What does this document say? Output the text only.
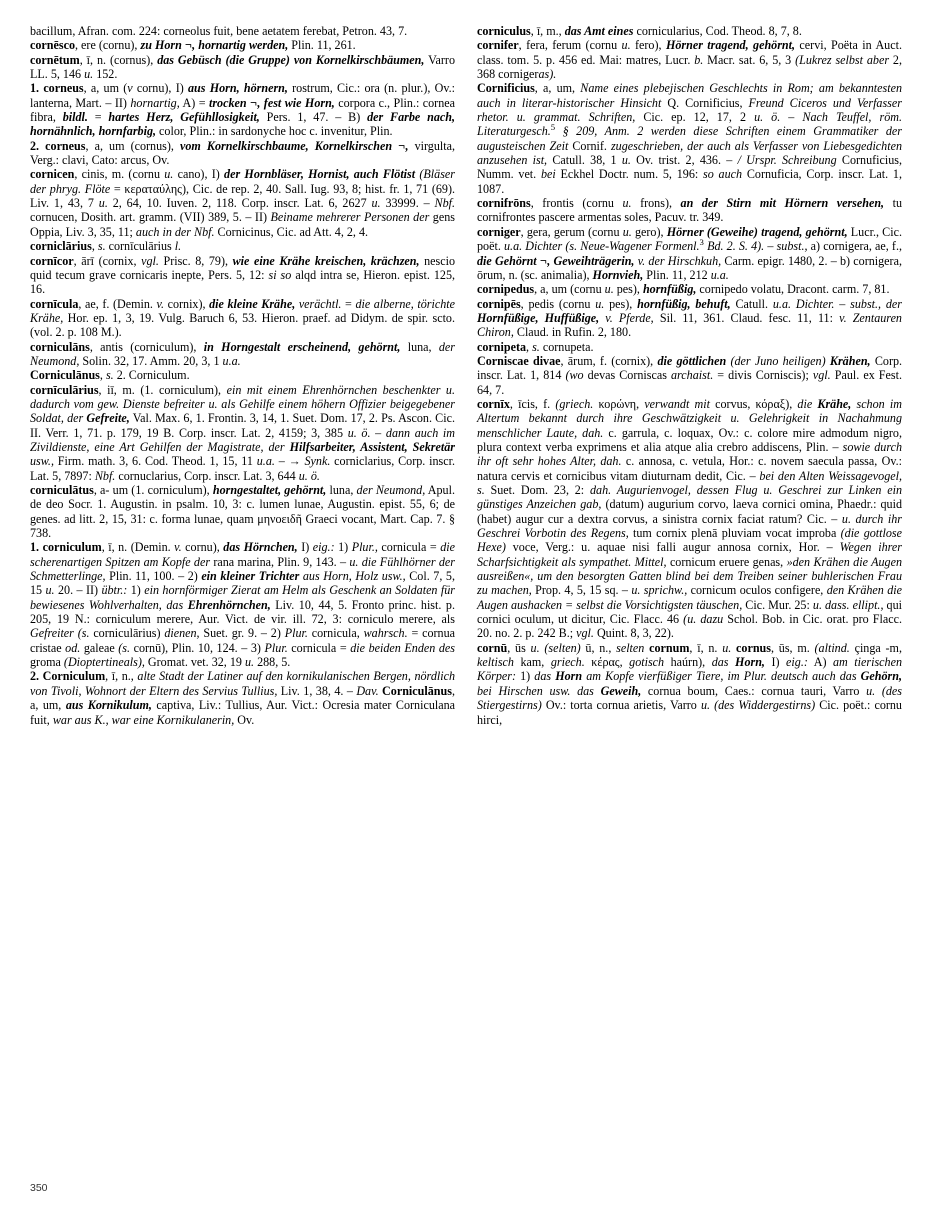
bacillum, Afran. com. 224: corneolus fuit, bene aetatem ferebat, Petron. 43, 7.

cornēsco, ere (cornu), zu Horn ¬, hornartig werden, Plin. 11, 261.

cornētum, ī, n. (cornus), das Gebüsch (die Gruppe) von Kornelkirschbäumen, Varro LL. 5, 146 u. 152.

1. corneus, a, um (v cornu), I) aus Horn, hörnern, rostrum, Cic.: ora (n. plur.), Ov.: lanterna, Mart. – II) hornartig, A) = trocken ¬, fest wie Horn, corpora c., Plin.: cornea fibra, bildl. = hartes Herz, Gefühllosigkeit, Pers. 1, 47. – B) der Farbe nach, hornähnlich, hornfarbig, color, Plin.: in sardonyche hoc c. invenitur, Plin.

2. corneus, a, um (cornus), vom Kornelkirschbaume, Kornelkirschen ¬, virgulta, Verg.: clavi, Cato: arcus, Ov.

cornicen, cinis, m. (cornu u. cano), I) der Hornbläser, Hornist, auch Flötist (Bläser der phryg. Flöte = κεραταύλης), Cic. de rep. 2, 40. Sall. Iug. 93, 8; hist. fr. 1, 71 (69). Liv. 1, 43, 7 u. 2, 64, 10. Iuven. 2, 118. Corp. inscr. Lat. 6, 2627 u. 33999. – Nbf. cornucen, Dosith. art. gramm. (VII) 389, 5. – II) Beiname mehrerer Personen der gens Oppia, Liv. 3, 35, 11; auch in der Nbf. Cornicinus, Cic. ad Att. 4, 2, 4.

corniclārius, s. cornīculārius l.

cornīcor, ārī (cornix, vgl. Prisc. 8, 79), wie eine Krähe kreischen, krächzen, nescio quid tecum grave cornicaris inepte, Pers. 5, 12: si so alqd intra se, Hieron. epist. 125, 16.

cornīcula, ae, f. (Demin. v. cornix), die kleine Krähe, verächtl. = die alberne, törichte Krähe, Hor. ep. 1, 3, 19. Vulg. Baruch 6, 53. Hieron. praef. ad Didym. de spir. scto. (vol. 2. p. 108 M.).

corniculāns, antis (corniculum), in Horngestalt erscheinend, gehörnt, luna, der Neumond, Solin. 32, 17. Amm. 20, 3, 1 u.a.

Corniculānus, s. 2. Corniculum.

cornīculārius, iī, m. (1. corniculum), ein mit einem Ehrenhörnchen beschenkter u. dadurch vom gew. Dienste befreiter u. als Gehilfe einem höhern Offizier beigegebener Soldat, der Gefreite, Val. Max. 6, 1. Frontin. 3, 14, 1. Suet. Dom. 17, 2. Ps. Ascon. Cic. II. Verr. 1, 71. p. 179, 19 B. Corp. inscr. Lat. 2, 4159; 3, 385 u. ö. – dann auch im Zivildienste, eine Art Gehilfen der Magistrate, der Hilfsarbeiter, Assistent, Sekretär usw., Firm. math. 3, 6. Cod. Theod. 1, 15, 11 u.a. – → Synk. corniclarius, Corp. inscr. Lat. 5, 7897: Nbf. cornuclarius, Corp. inscr. Lat. 3, 644 u. ö.

corniculātus, a- um (1. corniculum), horngestaltet, gehörnt, luna, der Neumond, Apul. de deo Socr. 1. Augustin. in psalm. 10, 3: c. lumen lunae, Augustin. epist. 55, 6; de genes. ad litt. 2, 15, 31: c. forma lunae, quam μηνοειδῆ Graeci vocant, Mart. Cap. 7. § 738.

1. corniculum, ī, n. (Demin. v. cornu), das Hörnchen, I) eig.: 1) Plur., cornicula = die scherenartigen Spitzen am Kopfe der rana marina, Plin. 9, 143. – u. die Fühlhörner der Schmetterlinge, Plin. 11, 100. – 2) ein kleiner Trichter aus Horn, Holz usw., Col. 7, 5, 15 u. 20. – II) übtr.: 1) ein hornförmiger Zierat am Helm als Geschenk an Soldaten für bewiesenes Wohlverhalten, das Ehrenhörnchen, Liv. 10, 44, 5. Fronto princ. hist. p. 205, 19 N.: corniculum merere, Aur. Vict. de vir. ill. 72, 3: corniculo merere, als Gefreiter (s. corniculārius) dienen, Suet. gr. 9. – 2) Plur. cornicula, wahrsch. = cornua cristae od. galeae (s. cornū), Plin. 10, 124. – 3) Plur. cornicula = die beiden Enden des groma (Dioptertineals), Gromat. vet. 32, 19 u. 288, 5.

2. Corniculum, ī, n., alte Stadt der Latiner auf den kornikulanischen Bergen, nördlich von Tivoli, Wohnort der Eltern des Servius Tullius, Liv. 1, 38, 4. – Dav. Corniculānus, a, um, aus Kornikulum, captiva, Liv.: Tullius, Aur. Vict.: Ocresia mater Corniculana fuit, war aus K., war eine Kornikulanerin, Ov.

corniculus, ī, m., das Amt eines cornicularius, Cod. Theod. 8, 7, 8.

cornifer, fera, ferum (cornu u. fero), Hörner tragend, gehörnt, cervi, Poëta in Auct. class. tom. 5. p. 456 ed. Mai: matres, Lucr. b. Macr. sat. 6, 5, 3 (Lukrez selbst aber 2, 368 cornigeras).

Cornificius, a, um, Name eines plebejischen Geschlechts in Rom; am bekanntesten auch in literar-historischer Hinsicht Q. Cornificius, Freund Ciceros und Verfasser rhetor. u. grammat. Schriften, Cic. ep. 12, 17, 2 u. ö. – Nach Teuffel, röm. Literaturgesch.$^5$ § 209, Anm. 2 werden diese Schriften einem Grammatiker der augusteischen Zeit Cornif. zugeschrieben, der auch als Verfasser von Liebesgedichten anzusehen ist, Catull. 38, 1 u. Ov. trist. 2, 436. – / Urspr. Schreibung Cornuficius, Numm. vet. bei Eckhel Doctr. num. 5, 196: so auch Cornuficia, Corp. inscr. Lat. 1, 1087.

cornifrōns, frontis (cornu u. frons), an der Stirn mit Hörnern versehen, tu cornifrontes pascere armentas soles, Pacuv. tr. 349.

corniger, gera, gerum (cornu u. gero), Hörner (Geweihe) tragend, gehörnt, Lucr., Cic. poët. u.a. Dichter (s. Neue-Wagener Formenl.$^3$ Bd. 2. S. 4). – subst., a) cornigera, ae, f., die Gehörnt ¬, Geweihträgerin, v. der Hirschkuh, Carm. epigr. 1480, 2. – b) cornigera, ōrum, n. (sc. animalia), Hornvieh, Plin. 11, 212 u.a.

cornipedus, a, um (cornu u. pes), hornfüßig, cornipedo volatu, Dracont. carm. 7, 81.

cornipēs, pedis (cornu u. pes), hornfüßig, behuft, Catull. u.a. Dichter. – subst., der Hornfüßige, Huffüßige, v. Pferde, Sil. 11, 361. Claud. fesc. 11, 11: v. Zentauren Chiron, Claud. in Rufin. 2, 180.

cornipeta, s. cornupeta.

Corniscae divae, ārum, f. (cornix), die göttlichen (der Juno heiligen) Krähen, Corp. inscr. Lat. 1, 814 (wo devas Corniscas archaist. = divis Corniscis); vgl. Paul. ex Fest. 64, 7.

cornīx, īcis, f. (griech. κορώνη, verwandt mit corvus, κόραξ), die Krähe, schon im Altertum bekannt durch ihre Geschwätzigkeit u. Gelehrigkeit in Nachahmung menschlicher Laute, dah. c. garrula, c. loquax, Ov.: c. colore mire admodum nigro, plura context verba exprimens et alia atque alia crebro addiscens, Plin. – sowie durch ihr oft sehr hohes Alter, dah. c. annosa, c. vetula, Hor.: c. novem saecula passa, Ov.: natura cervis et cornicibus vitam diuturnam dedit, Cic. – bei den Alten Weissagevogel, s. Suet. Dom. 23, 2: dah. Augurienvogel, dessen Flug u. Geschrei zur Linken ein günstiges Anzeichen gab, (datum) augurium corvo, laeva cornici omina, Phaedr.: quid (habet) augur cur a dextra corvus, a sinistra cornix faciat ratum? Cic. – u. durch ihr Geschrei Vorbotin des Regens, tum cornix plenā pluviam vocat improba (die gottlose Hexe) voce, Verg.: u. aquae nisi falli augur annosa cornix, Hor. – Wegen ihrer Scharfsichtigkeit als sympathet. Mittel, cornicum eruere genas, »den Krähen die Augen ausreißen«, um den besorgten Gatten blind bei dem Treiben seiner buhlerischen Frau zu machen, Prop. 4, 5, 15 sq. – u. sprichw., cornicum oculos configere, den Krähen die Augen aushacken = selbst die Vorsichtigsten täuschen, Cic. Mur. 25: u. dass. ellipt., qui cornici oculum, ut dicitur, Cic. Flacc. 46 (u. dazu Schol. Bob. in Cic. orat. pro Flacc. 20. no. 2. p. 242 B.; vgl. Quint. 8, 3, 22).

cornū, ūs u. (selten) ū, n., selten cornum, ī, n. u. cornus, ūs, m. (altind. çinga -m, keltisch kam, griech. κέρας, gotisch haúrn), das Horn, I) eig.: A) am tierischen Körper: 1) das Horn am Kopfe vierfüßiger Tiere, im Plur. deutsch auch das Gehörn, bei Hirschen usw. das Geweih, cornua boum, Caes.: cornua tauri, Varro u. (des Stiergestirns) Ov.: torta cornua arietis, Varro u. (des Widdergestirns) Cic. poët.: cornu hirci,

350
